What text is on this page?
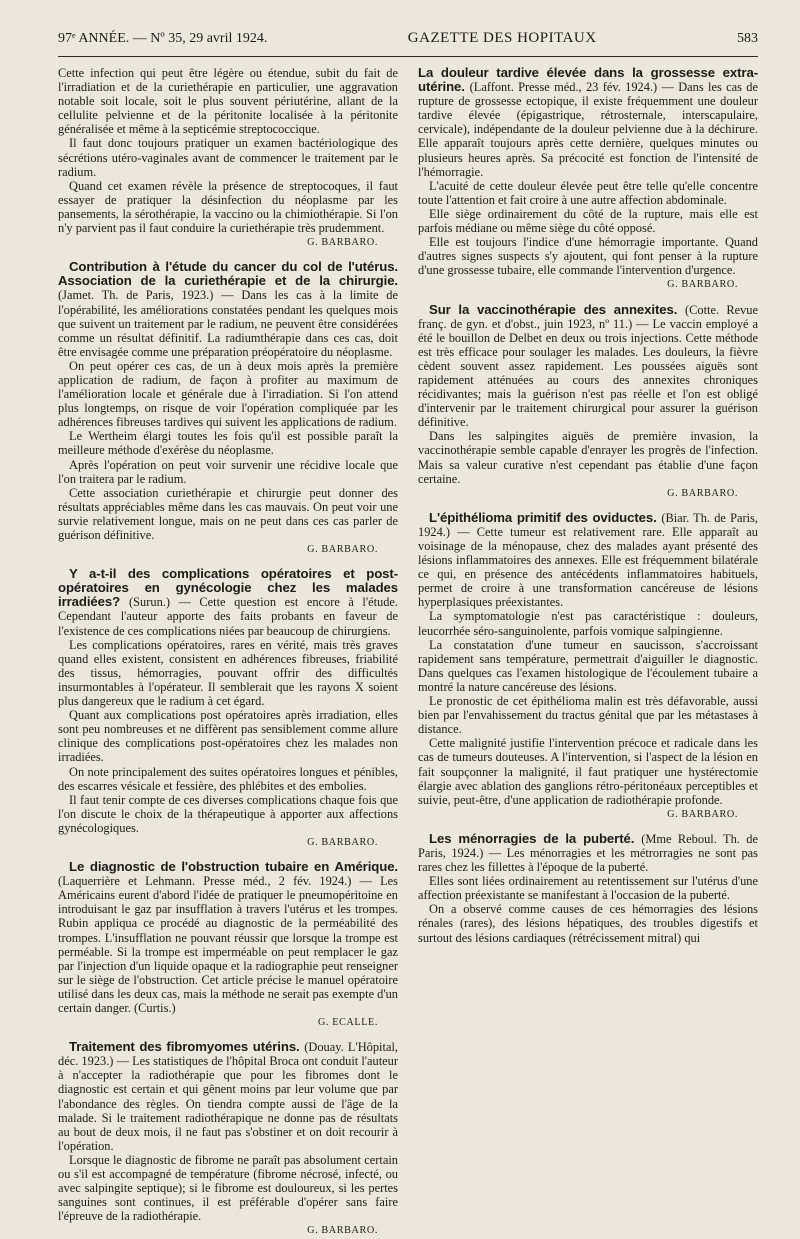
97ᵉ ANNÉE. — Nº 35, 29 avril 1924.	GAZETTE DES HOPITAUX	583

Cette infection qui peut être légère ou étendue, subit du fait de l'irradiation et de la curiethérapie en particulier, une aggravation notable soit locale, soit le plus souvent périutérine, allant de la cellulite pelvienne et de la péritonite localisée à la péritonite généralisée et même à la septicémie streptococcique.

Il faut donc toujours pratiquer un examen bactériologique des sécrétions utéro-vaginales avant de commencer le traitement par le radium.

Quand cet examen révèle la présence de streptocoques, il faut essayer de pratiquer la désinfection du néoplasme par les pansements, la sérothérapie, la vaccino ou la chimiothérapie. Si l'on n'y parvient pas il faut conduire la curiethérapie très prudemment.

G. BARBARO.

Contribution à l'étude du cancer du col de l'utérus. Association de la curiethérapie et de la chirurgie. (Jamet. Th. de Paris, 1923.) — Dans les cas à la limite de l'opérabilité, les améliorations constatées pendant les quelques mois que suivent un traitement par le radium, ne peuvent être considérées comme un résultat définitif. La radiumthérapie dans ces cas, doit être envisagée comme une préparation préopératoire du néoplasme.

On peut opérer ces cas, de un à deux mois après la première application de radium, de façon à profiter au maximum de l'amélioration locale et générale due à l'irradiation. Si l'on attend plus longtemps, on risque de voir l'opération compliquée par les adhérences fibreuses tardives qui suivent les applications de radium.

Le Wertheim élargi toutes les fois qu'il est possible paraît la meilleure méthode d'exérèse du néoplasme.

Après l'opération on peut voir survenir une récidive locale que l'on traitera par le radium.

Cette association curiethérapie et chirurgie peut donner des résultats appréciables même dans les cas mauvais. On peut voir une survie relativement longue, mais on ne peut dans ces cas parler de guérison définitive.

G. BARBARO.

Y a-t-il des complications opératoires et post-opératoires en gynécologie chez les malades irradiées? (Surun.) — Cette question est encore à l'étude. Cependant l'auteur apporte des faits probants en faveur de l'existence de ces complications niées par beaucoup de chirurgiens.

Les complications opératoires, rares en vérité, mais très graves quand elles existent, consistent en adhérences fibreuses, friabilité des tissus, hémorragies, pouvant offrir des difficultés insurmontables à l'opérateur. Il semblerait que les rayons X soient plus dangereux que le radium à cet égard.

Quant aux complications post opératoires après irradiation, elles sont peu nombreuses et ne diffèrent pas sensiblement comme allure clinique des complications post-opératoires chez les malades non irradiées.

On note principalement des suites opératoires longues et pénibles, des escarres vésicale et fessière, des phlébites et des embolies.

Il faut tenir compte de ces diverses complications chaque fois que l'on discute le choix de la thérapeutique à apporter aux affections gynécologiques.

G. BARBARO.

Le diagnostic de l'obstruction tubaire en Amérique. (Laquerrière et Lehmann. Presse méd., 2 fév. 1924.) — Les Américains eurent d'abord l'idée de pratiquer le pneumopéritoine en introduisant le gaz par insufflation à travers l'utérus et les trompes. Rubin appliqua ce procédé au diagnostic de la perméabilité des trompes. L'insufflation ne pouvant réussir que lorsque la trompe est perméable. Si la trompe est imperméable on peut remplacer le gaz par l'injection d'un liquide opaque et la radiographie peut renseigner sur le siège de l'obstruction. Cet article précise le manuel opératoire utilisé dans les deux cas, mais la méthode ne serait pas exempte d'un certain danger. (Curtis.)

G. ECALLE.

Traitement des fibromyomes utérins. (Douay. L'Hôpital, déc. 1923.) — Les statistiques de l'hôpital Broca ont conduit l'auteur à n'accepter la radiothérapie que pour les fibromes dont le diagnostic est certain et qui gênent moins par leur volume que par l'abondance des règles. On tiendra compte aussi de l'âge de la malade. Si le traitement radiothérapique ne donne pas de résultats au bout de deux mois, il ne faut pas s'obstiner et on doit recourir à l'opération.

Lorsque le diagnostic de fibrome ne paraît pas absolument certain ou s'il est accompagné de température (fibrome nécrosé, infecté, ou avec salpingite septique); si le fibrome est douloureux, si les pertes sanguines sont continues, il est préférable d'opérer sans faire l'épreuve de la radiothérapie.

G. BARBARO.

La douleur tardive élevée dans la grossesse extra-utérine. (Laffont. Presse méd., 23 fév. 1924.) — Dans les cas de rupture de grossesse ectopique, il existe fréquemment une douleur tardive élevée (épigastrique, rétrosternale, interscapulaire, cervicale), indépendante de la douleur pelvienne due à la déchirure. Elle apparaît toujours après cette dernière, quelques minutes ou plusieurs heures après. Sa précocité est fonction de l'intensité de l'hémorragie.

L'acuité de cette douleur élevée peut être telle qu'elle concentre toute l'attention et fait croire à une autre affection abdominale.

Elle siège ordinairement du côté de la rupture, mais elle est parfois médiane ou même siège du côté opposé.

Elle est toujours l'indice d'une hémorragie importante. Quand d'autres signes suspects s'y ajoutent, qui font penser à la rupture d'une grossesse tubaire, elle commande l'intervention d'urgence.

G. BARBARO.

Sur la vaccinothérapie des annexites. (Cotte. Revue franç. de gyn. et d'obst., juin 1923, nº 11.) — Le vaccin employé a été le bouillon de Delbet en deux ou trois injections. Cette méthode est très efficace pour soulager les malades. Les douleurs, la fièvre cèdent souvent assez rapidement. Les poussées aiguës sont rapidement atténuées au cours des annexites chroniques récidivantes; mais la guérison n'est pas réelle et l'on est obligé d'intervenir par le traitement chirurgical pour assurer la guérison définitive.

Dans les salpingites aiguës de première invasion, la vaccinothérapie semble capable d'enrayer les progrès de l'infection. Mais sa valeur curative n'est cependant pas établie d'une façon certaine.

G. BARBARO.

L'épithélioma primitif des oviductes. (Biar. Th. de Paris, 1924.) — Cette tumeur est relativement rare. Elle apparaît au voisinage de la ménopause, chez des malades ayant présenté des lésions inflammatoires des annexes. Elle est fréquemment bilatérale ce qui, en présence des antécédents inflammatoires habituels, permet de croire à une transformation cancéreuse de lésions hyperplasiques préexistantes.

La symptomatologie n'est pas caractéristique : douleurs, leucorrhée séro-sanguinolente, parfois vomique salpingienne.

La constatation d'une tumeur en saucisson, s'accroissant rapidement sans température, permettrait d'aiguiller le diagnostic. Dans quelques cas l'examen histologique de l'écoulement tubaire a montré la nature cancéreuse des lésions.

Le pronostic de cet épithélioma malin est très défavorable, aussi bien par l'envahissement du tractus génital que par les métastases à distance.

Cette malignité justifie l'intervention précoce et radicale dans les cas de tumeurs douteuses. A l'intervention, si l'aspect de la lésion en fait soupçonner la malignité, il faut pratiquer une hystérectomie élargie avec ablation des ganglions rétro-péritonéaux perceptibles et suivie, peut-être, d'une application de radiothérapie profonde.

G. BARBARO.

Les ménorragies de la puberté. (Mme Reboul. Th. de Paris, 1924.) — Les ménorragies et les métrorragies ne sont pas rares chez les fillettes à l'époque de la puberté.

Elles sont liées ordinairement au retentissement sur l'utérus d'une affection préexistante se manifestant à l'occasion de la puberté.

On a observé comme causes de ces hémorragies des lésions rénales (rares), des lésions hépatiques, des troubles digestifs et surtout des lésions cardiaques (rétrécissement mitral) qui
